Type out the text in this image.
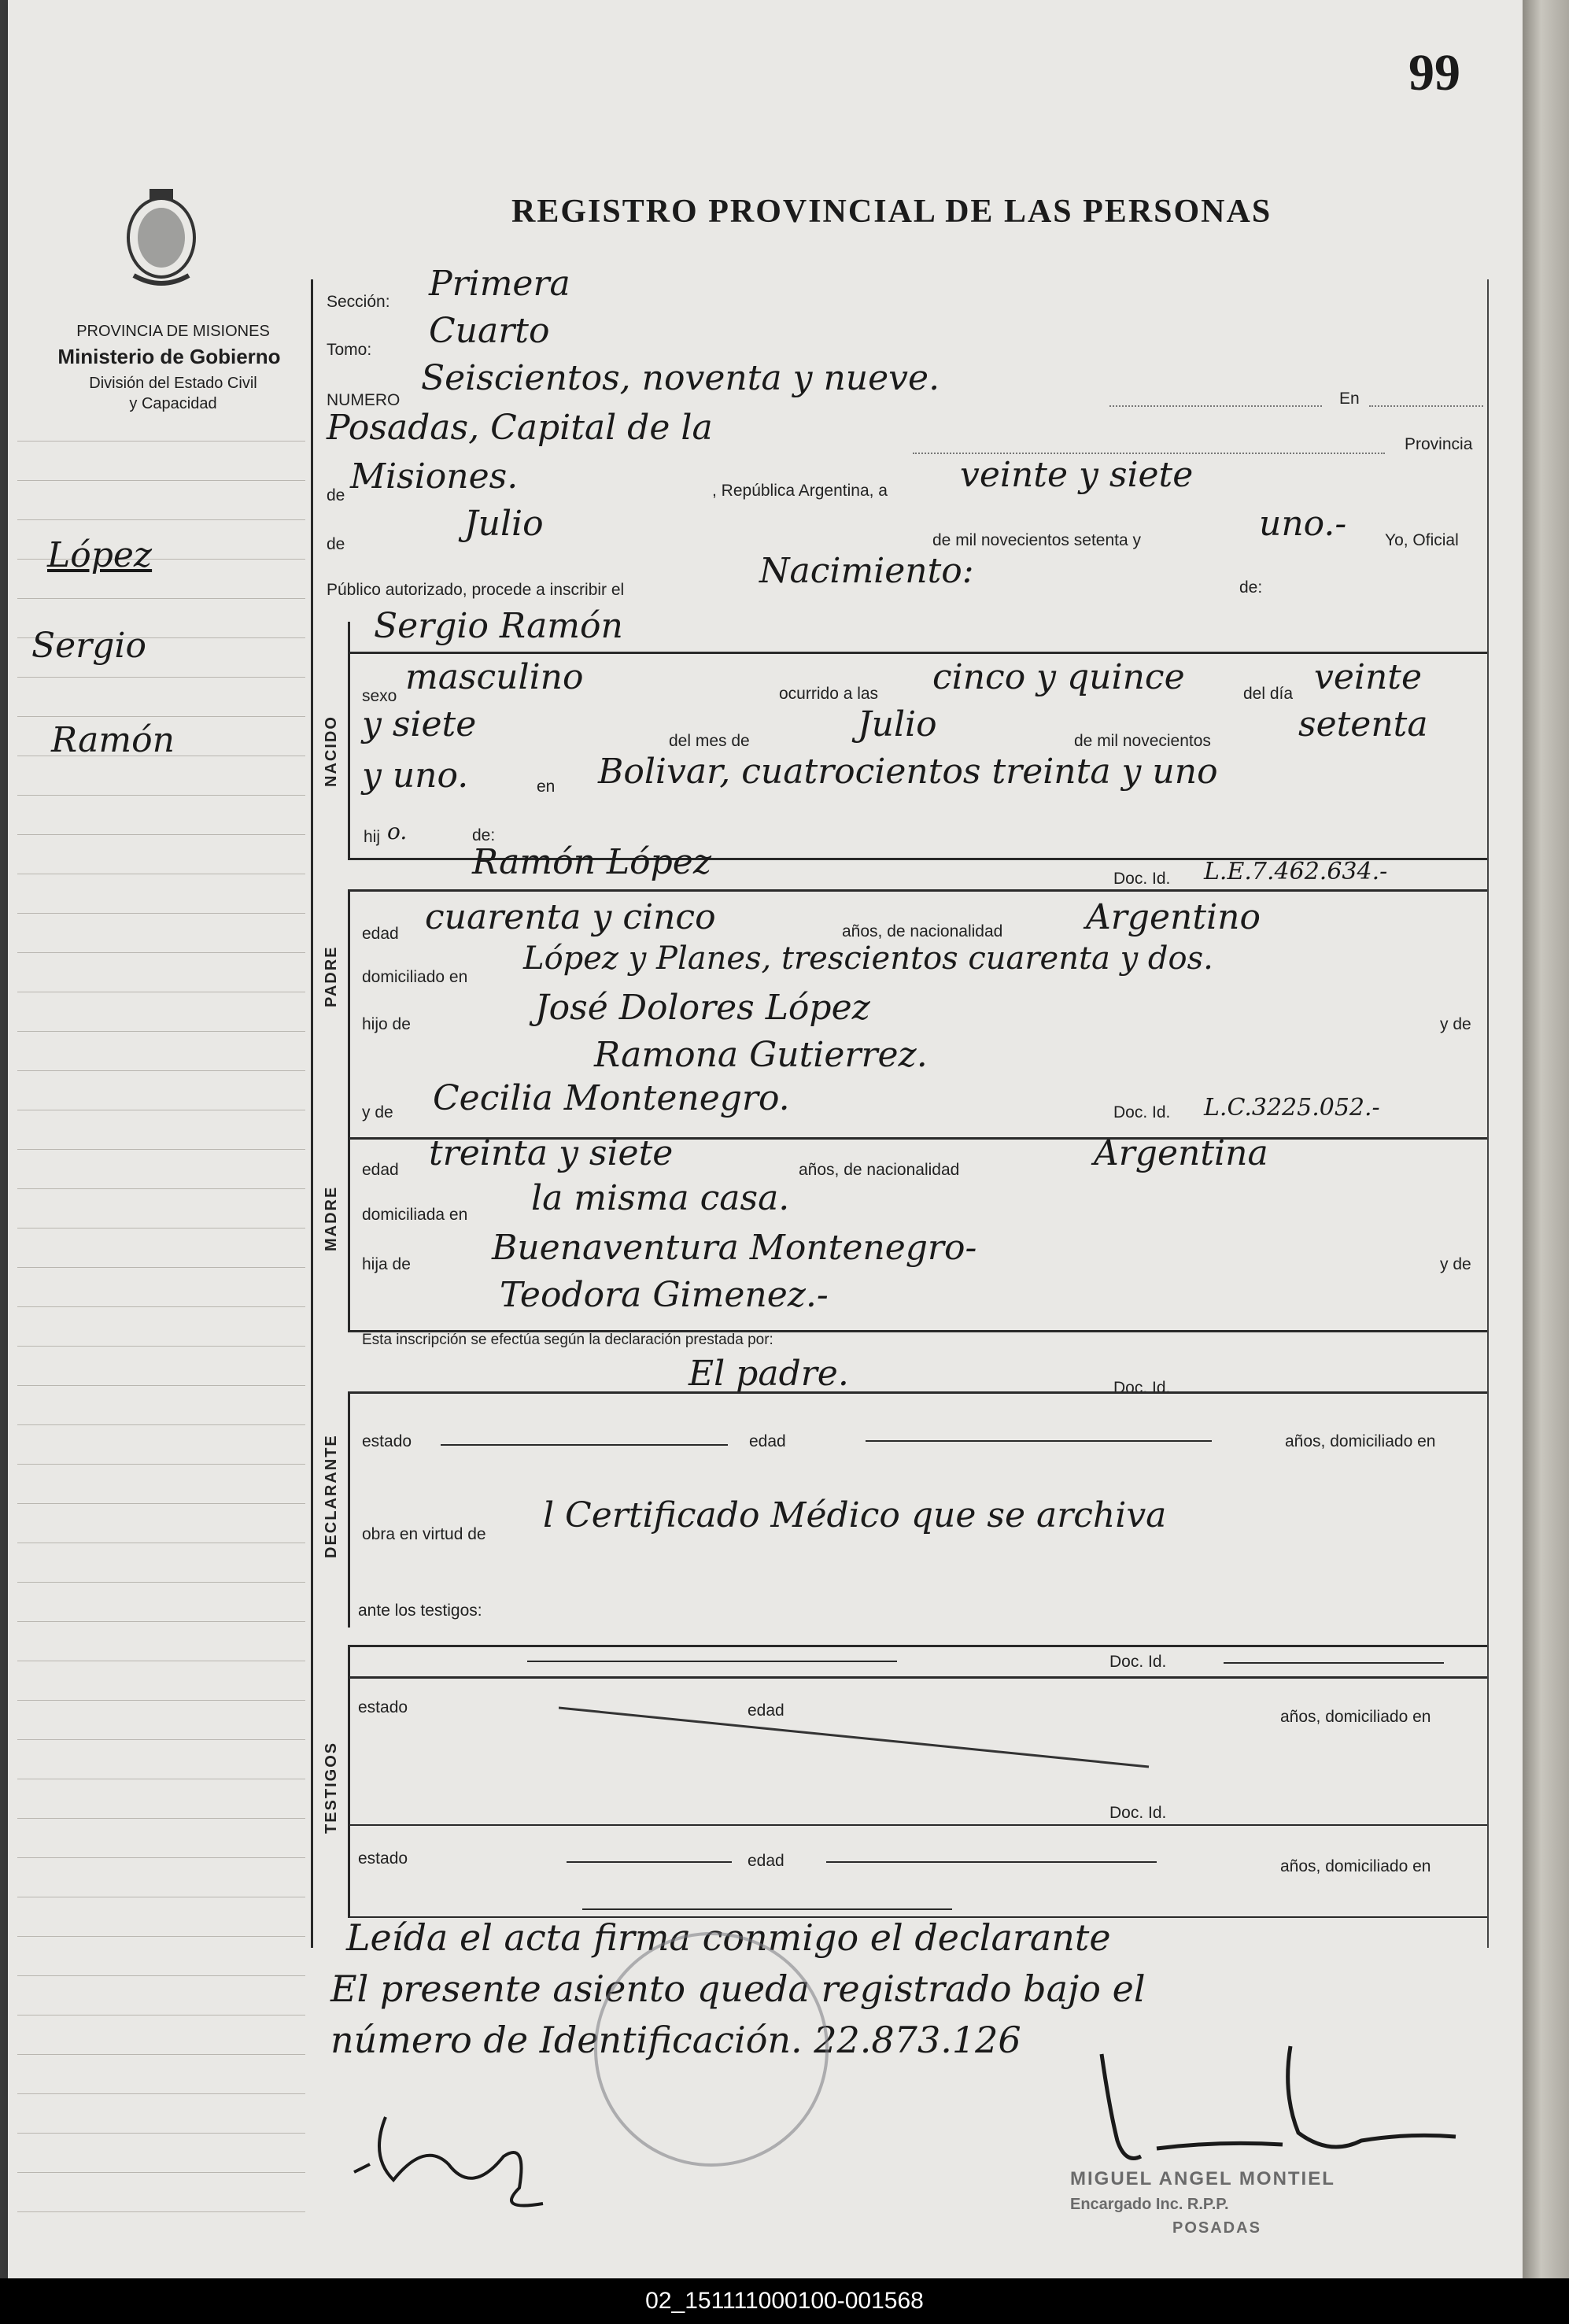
99
PROVINCIA DE MISIONES
Ministerio de Gobierno
División del Estado Civil
y Capacidad
REGISTRO PROVINCIAL DE LAS PERSONAS
López
Sergio
Ramón
Sección: Primera
Tomo: Cuarto
NUMERO
Seiscientos, noventa y nueve.
En
Posadas, Capital de la	Provincia
de Misiones.	, República Argentina, a veinte y siete
de
Julio	de mil novecientos setenta y	uno.- Yo, Oficial
Público autorizado, procede a inscribir el	Nacimiento:	de:
Sergio Ramón
NACIDO
sexo masculino	ocurrido a las cinco y quince	del día veinte
y siete	del mes de	Julio	de mil novecientos	setenta
y uno.	en Bolivar, cuatrocientos treinta y uno
hij o.	de:
Ramón López	Doc. Id. L.E.7.462.634.-
PADRE
edad cuarenta y cinco	años, de nacionalidad Argentino
domiciliado en
López y Planes, trescientos cuarenta y dos.
hijo de	José Dolores López	y de
Ramona Gutierrez.
y de Cecilia Montenegro.	Doc. Id. L.C.3225.052.-
MADRE
edad treinta y siete	años, de nacionalidad	Argentina
domiciliada en la misma casa.
hija de Buenaventura Montenegro-	y de
Teodora Gimenez.-
Esta inscripción se efectúa según la declaración prestada por:
El padre.	Doc. Id.
DECLARANTE estado	edad	años, domiciliado en
obra en virtud de l Certificado Médico que se archiva
ante los testigos:
Doc. Id.
TESTIGOS
estado	edad	años, domiciliado en
Doc. Id.
estado	edad	años, domiciliado en
Leída el acta firma conmigo el declarante
El presente asiento queda registrado bajo el
número de Identificación. 22.873.126
MIGUEL ANGEL MONTIEL
Encargado Inc. R.P.P.
POSADAS
02_151111000100-001568
